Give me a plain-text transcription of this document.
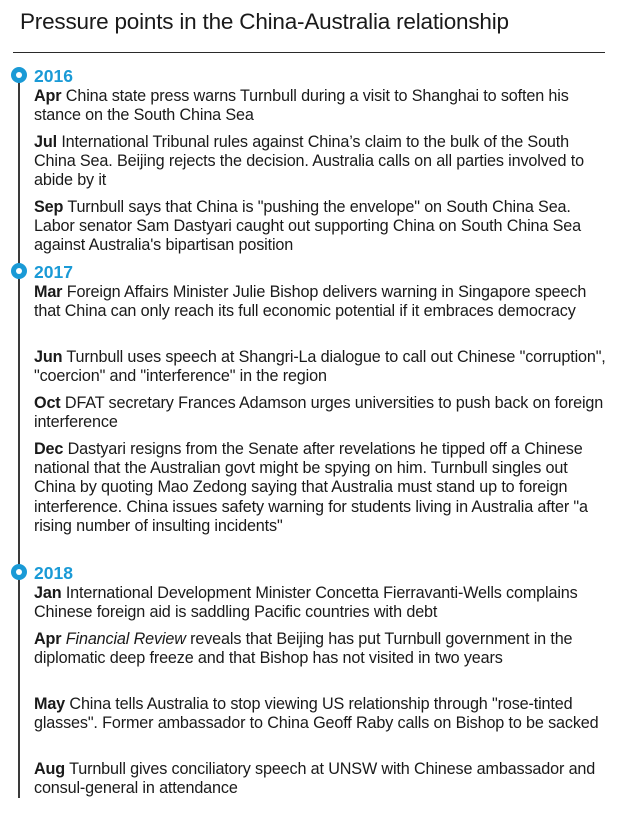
Pressure points in the China-Australia relationship
2016
Apr China state press warns Turnbull during a visit to Shanghai to soften his stance on the South China Sea
Jul International Tribunal rules against China’s claim to the bulk of the South China Sea. Beijing rejects the decision. Australia calls on all parties involved to abide by it
Sep Turnbull says that China is "pushing the envelope" on South China Sea. Labor senator Sam Dastyari caught out supporting China on South China Sea against Australia's bipartisan position
2017
Mar Foreign Affairs Minister Julie Bishop delivers warning in Singapore speech that China can only reach its full economic potential if it embraces democracy
Jun Turnbull uses speech at Shangri-La dialogue to call out Chinese "corruption", "coercion" and "interference" in the region
Oct DFAT secretary Frances Adamson urges universities to push back on foreign interference
Dec Dastyari resigns from the Senate after revelations he tipped off a Chinese national that the Australian govt might be spying on him. Turnbull singles out China by quoting Mao Zedong saying that Australia must stand up to foreign interference. China issues safety warning for students living in Australia after "a rising number of insulting incidents"
2018
Jan International Development Minister Concetta Fierravanti-Wells complains Chinese foreign aid is saddling Pacific countries with debt
Apr Financial Review reveals that Beijing has put Turnbull government in the diplomatic deep freeze and that Bishop has not visited in two years
May China tells Australia to stop viewing US relationship through "rose-tinted glasses". Former ambassador to China Geoff Raby calls on Bishop to be sacked
Aug Turnbull gives conciliatory speech at UNSW with Chinese ambassador and consul-general in attendance
